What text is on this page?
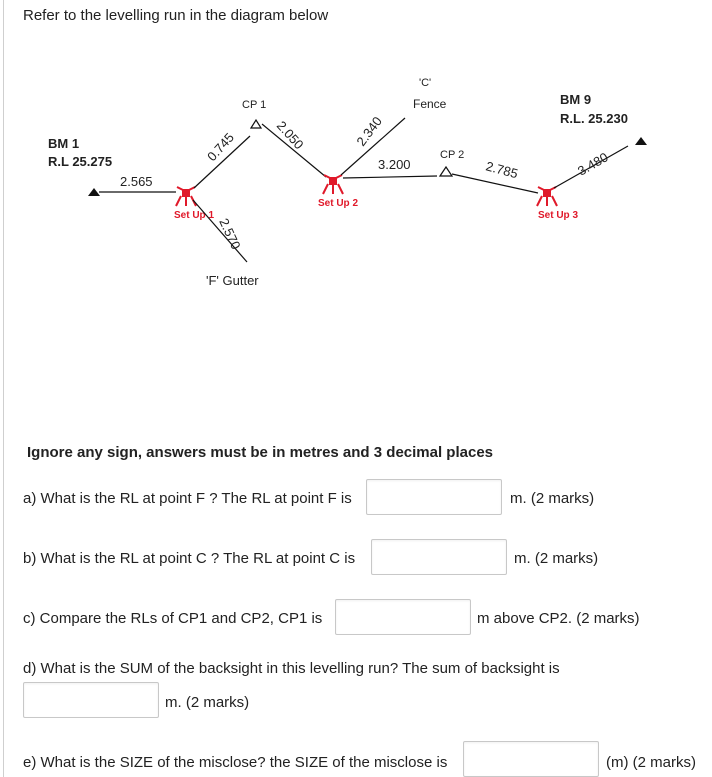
Refer to the levelling run in the diagram below
BM 1
R.L 25.275
2.565
Set Up 1
0.745
2.570
'F' Gutter
CP 1
2.050
Set Up 2
2.340
3.200
'C'
Fence
CP 2
2.785
Set Up 3
3.480
BM 9
R.L. 25.230
Ignore any sign, answers must be in metres and 3 decimal places
a) What is the RL at point F ? The RL at point F is	m. (2 marks)
b) What is the RL at point C ? The RL at point C is	m. (2 marks)
c) Compare the RLs of CP1 and CP2, CP1 is	m above CP2. (2 marks)
d) What is the SUM of the backsight in this levelling run? The sum of backsight is
m. (2 marks)
e) What is the SIZE of the misclose? the SIZE of the misclose is	(m) (2 marks)
